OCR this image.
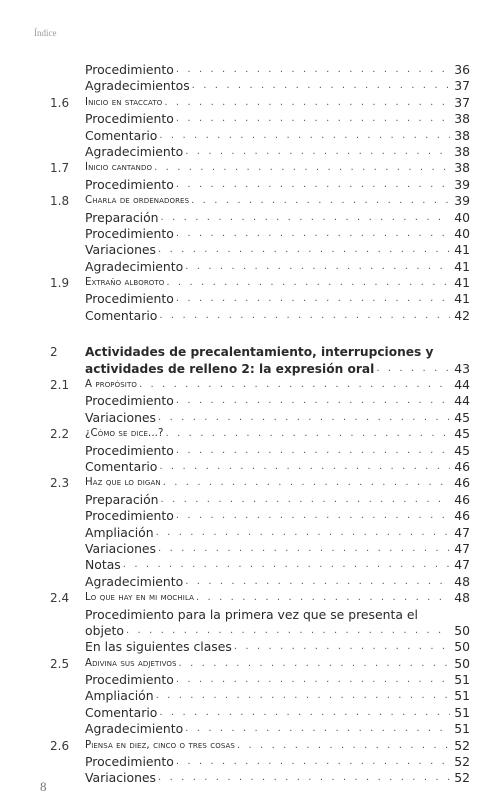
Índice
Procedimiento . . .	36
Agradecimientos . . .	37
1.6	Inicio en staccato . . .	37
Procedimiento . . .	38
Comentario . . .	38
Agradecimiento . . .	38
1.7	Inicio cantando . . .	38
Procedimiento . . .	39
1.8	Charla de ordenadores . . .	39
Preparación . . .	40
Procedimiento . . .	40
Variaciones . . .	41
Agradecimiento . . .	41
1.9	Extraño alboroto . . .	41
Procedimiento . . .	41
Comentario . . .	42
2	Actividades de precalentamiento, interrupciones y
actividades de relleno 2: la expresión oral . . .	43
2.1	A propósito . . .	44
Procedimiento . . .	44
Variaciones . . .	45
2.2	¿Cómo se dice...? . . .	45
Procedimiento . . .	45
Comentario . . .	46
2.3	Haz que lo digan . . .	46
Preparación . . .	46
Procedimiento . . .	46
Ampliación . . .	47
Variaciones . . .	47
Notas . . .	47
Agradecimiento . . .	48
2.4	Lo que hay en mi mochila . . .	48
Procedimiento para la primera vez que se presenta el
objeto . . .	50
En las siguientes clases . . .	50
2.5	Adivina sus adjetivos . . .	50
Procedimiento . . .	51
Ampliación . . .	51
Comentario . . .	51
Agradecimiento . . .	51
2.6	Piensa en diez, cinco o tres cosas . . .	52
Procedimiento . . .	52
Variaciones . . .	52
8
